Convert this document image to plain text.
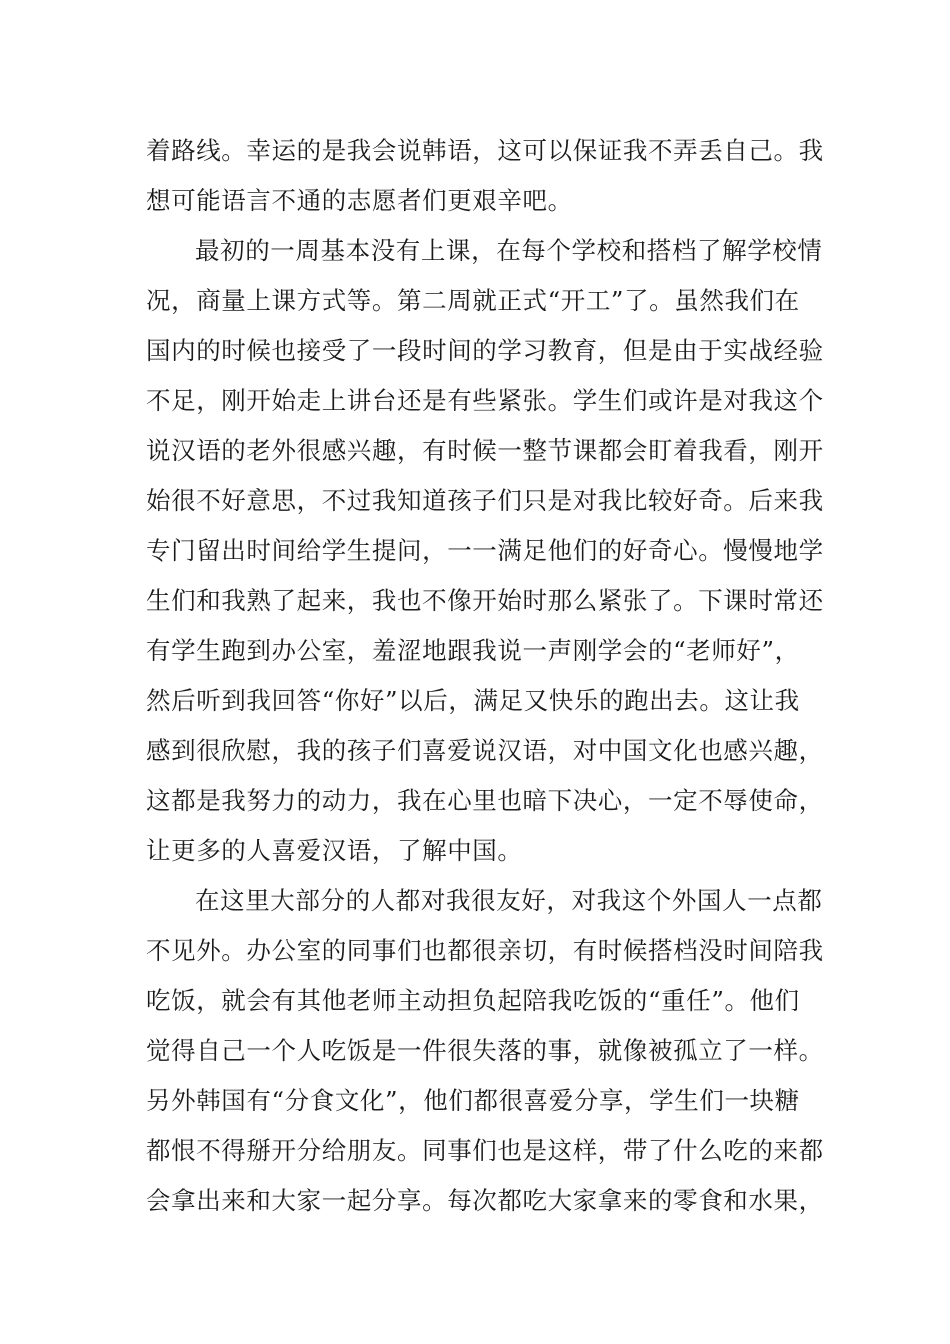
着路线。幸运的是我会说韩语，这可以保证我不弄丢自己。我
想可能语言不通的志愿者们更艰辛吧。
最初的一周基本没有上课，在每个学校和搭档了解学校情
况，商量上课方式等。第二周就正式“开工”了。虽然我们在
国内的时候也接受了一段时间的学习教育，但是由于实战经验
不足，刚开始走上讲台还是有些紧张。学生们或许是对我这个
说汉语的老外很感兴趣，有时候一整节课都会盯着我看，刚开
始很不好意思，不过我知道孩子们只是对我比较好奇。后来我
专门留出时间给学生提问，一一满足他们的好奇心。慢慢地学
生们和我熟了起来，我也不像开始时那么紧张了。下课时常还
有学生跑到办公室，羞涩地跟我说一声刚学会的“老师好”，
然后听到我回答“你好”以后，满足又快乐的跑出去。这让我
感到很欣慰，我的孩子们喜爱说汉语，对中国文化也感兴趣，
这都是我努力的动力，我在心里也暗下决心，一定不辱使命，
让更多的人喜爱汉语，了解中国。
在这里大部分的人都对我很友好，对我这个外国人一点都
不见外。办公室的同事们也都很亲切，有时候搭档没时间陪我
吃饭，就会有其他老师主动担负起陪我吃饭的“重任”。他们
觉得自己一个人吃饭是一件很失落的事，就像被孤立了一样。
另外韩国有“分食文化”，他们都很喜爱分享，学生们一块糖
都恨不得掰开分给朋友。同事们也是这样，带了什么吃的来都
会拿出来和大家一起分享。每次都吃大家拿来的零食和水果，
